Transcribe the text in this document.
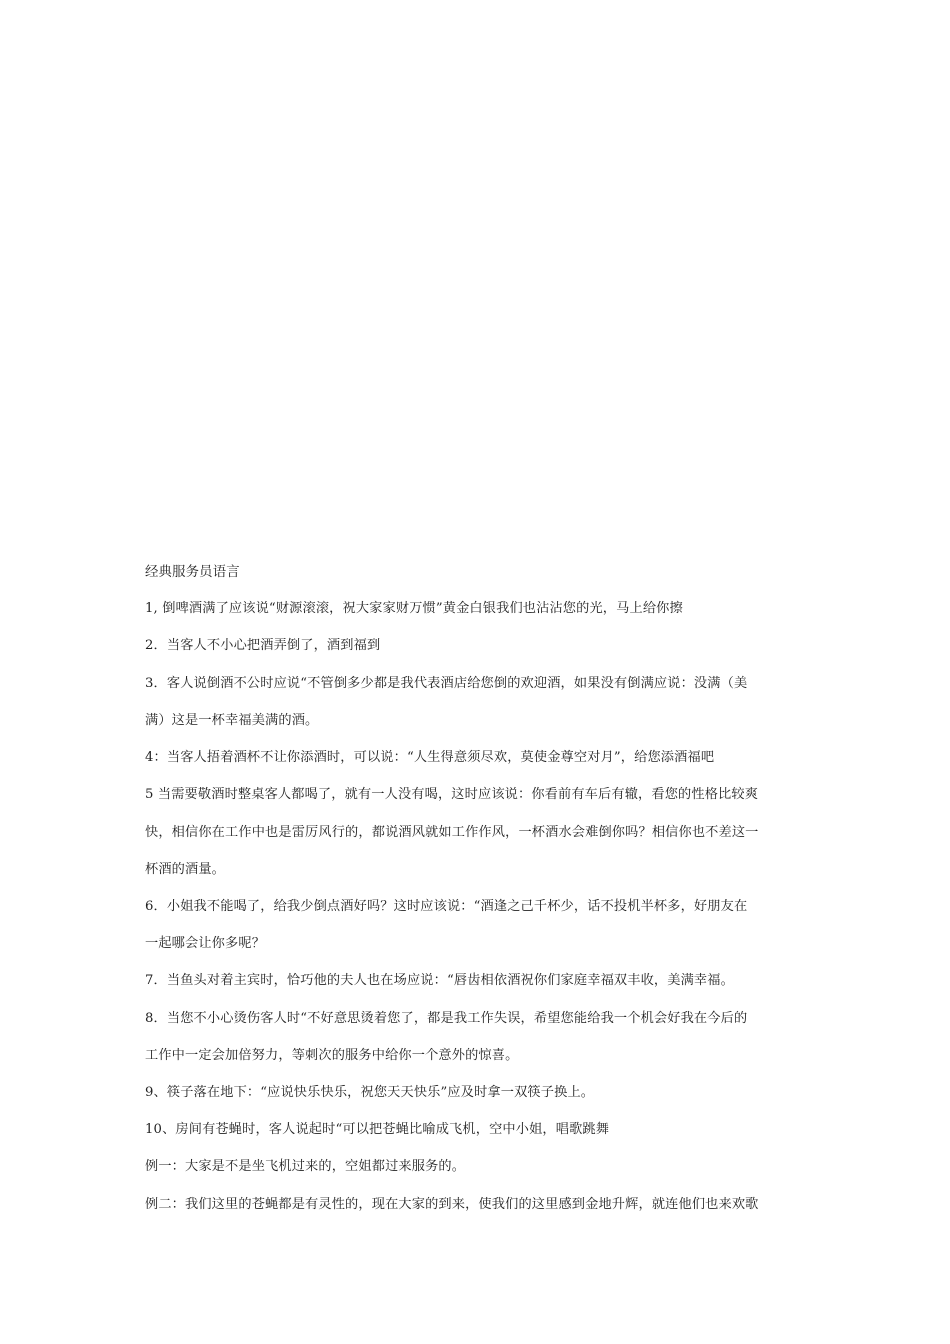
经典服务员语言
1, 倒啤酒满了应该说“财源滚滚，祝大家家财万惯”黄金白银我们也沾沾您的光，马上给你擦
2．当客人不小心把酒弄倒了，酒到福到
3．客人说倒酒不公时应说“不管倒多少都是我代表酒店给您倒的欢迎酒，如果没有倒满应说：没满（美
满）这是一杯幸福美满的酒。
4：当客人捂着酒杯不让你添酒时，可以说：“人生得意须尽欢，莫使金尊空对月”，给您添酒福吧
5 当需要敬酒时整桌客人都喝了，就有一人没有喝，这时应该说：你看前有车后有辙，看您的性格比较爽
快，相信你在工作中也是雷厉风行的，都说酒风就如工作作风，一杯酒水会难倒你吗？相信你也不差这一
杯酒的酒量。
6．小姐我不能喝了，给我少倒点酒好吗？这时应该说：“酒逢之己千杯少，话不投机半杯多，好朋友在
一起哪会让你多呢？
7．当鱼头对着主宾时，恰巧他的夫人也在场应说：“唇齿相依酒祝你们家庭幸福双丰收，美满幸福。
8．当您不小心烫伤客人时“不好意思烫着您了，都是我工作失误，希望您能给我一个机会好我在今后的
工作中一定会加倍努力，等刺次的服务中给你一个意外的惊喜。
9、筷子落在地下：“应说快乐快乐，祝您天天快乐”应及时拿一双筷子换上。
10、房间有苍蝇时，客人说起时“可以把苍蝇比喻成飞机，空中小姐，唱歌跳舞
例一：大家是不是坐飞机过来的，空姐都过来服务的。
例二：我们这里的苍蝇都是有灵性的，现在大家的到来，使我们的这里感到金地升辉，就连他们也来欢歌
